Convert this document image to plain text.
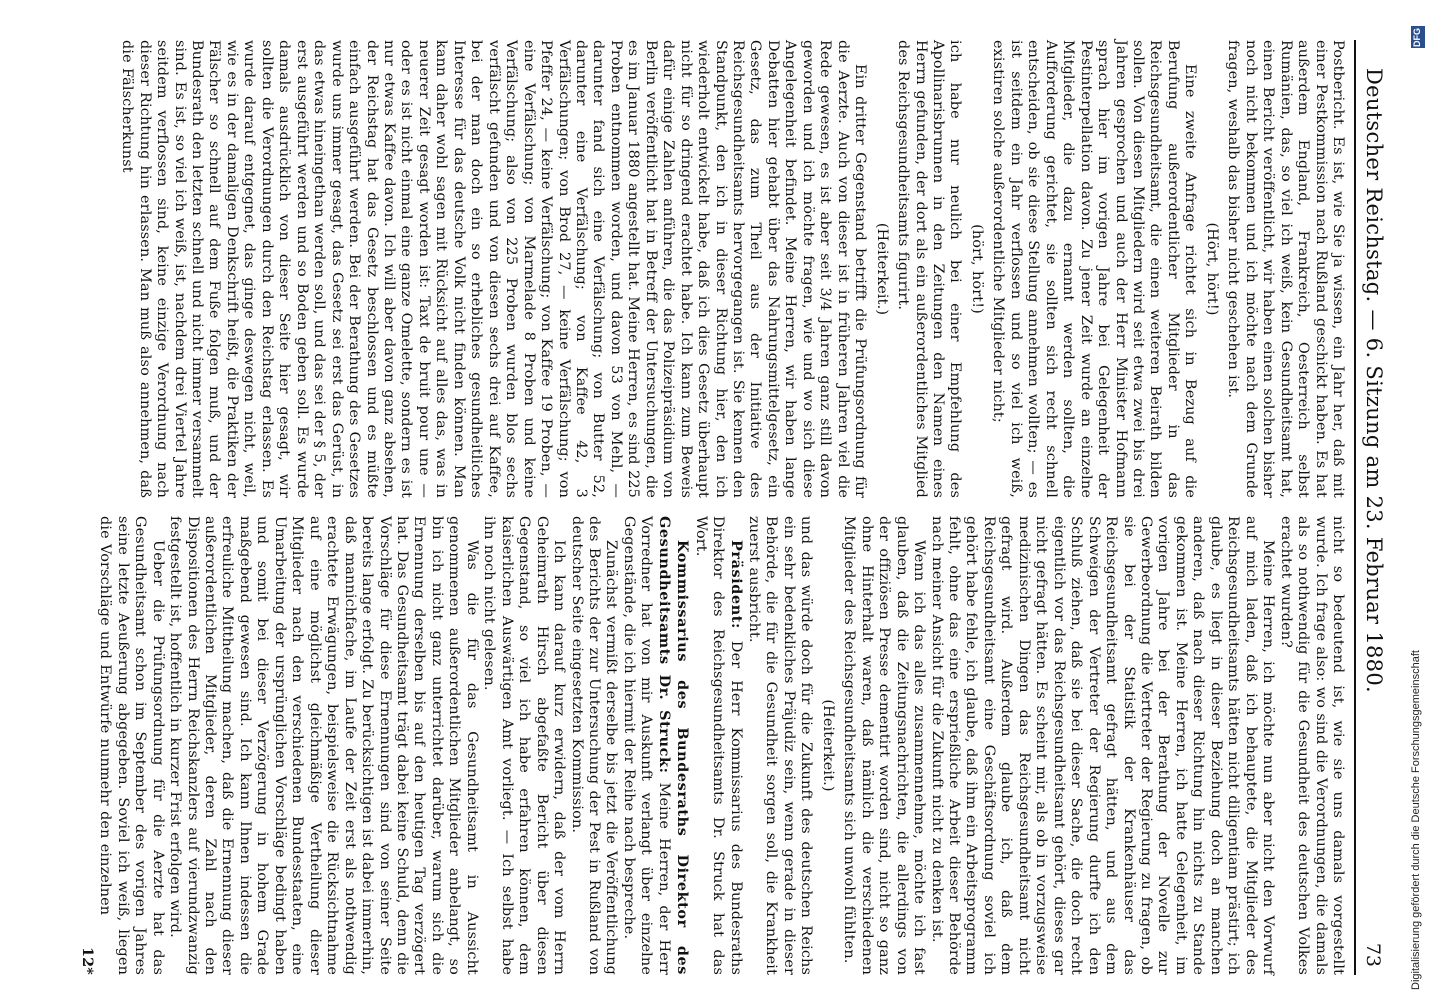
Deutscher Reichstag. — 6. Sitzung am 23. Februar 1880.
73

Postbericht. Es ist, wie Sie ja wissen, ein Jahr her, daß mit einer Pestkommission nach Rußland geschickt haben. Es hat außerdem England, Frankreich, Oesterreich selbst Rumänien, das, so viel ich weiß, kein Gesundheitsamt hat, einen Bericht veröffentlicht, wir haben einen solchen bisher noch nicht bekommen und ich möchte nach dem Grunde fragen, weshalb das bisher nicht geschehen ist.

(Hört, hört!)

Eine zweite Anfrage richtet sich in Bezug auf die Berufung außerordentlicher Mitglieder in das Reichsgesundheitsamt, die einen weiteren Beirath bilden sollen. Von diesen Mitgliedern wird seit etwa zwei bis drei Jahren gesprochen und auch der Herr Minister Hofmann sprach hier im vorigen Jahre bei Gelegenheit der Pestinterpellation davon. Zu jener Zeit wurde an einzelne Mitglieder, die dazu ernannt werden sollten, die Aufforderung gerichtet, sie sollten sich recht schnell entscheiden, ob sie diese Stellung annehmen wollten; — es ist seitdem ein Jahr verflossen und so viel ich weiß, existiren solche außerordentliche Mitglieder nicht;

(hört, hört!)

ich habe nur neulich bei einer Empfehlung des Apollinarisbrunnen in den Zeitungen den Namen eines Herrn gefunden, der dort als ein außerordentliches Mitglied des Reichsgesundheitsamts figurirt.

(Heiterkeit.)

Ein dritter Gegenstand betrifft die Prüfungsordnung für die Aerzte. Auch von dieser ist in früheren Jahren viel die Rede gewesen, es ist aber seit 3/4 Jahren ganz still davon geworden und ich möchte fragen, wie und wo sich diese Angelegenheit befindet. Meine Herren, wir haben lange Debatten hier gehabt über das Nahrungsmittelgesetz, ein Gesetz, das zum Theil aus der Initiative des Reichsgesundheitsamts hervorgegangen ist. Sie kennen den Standpunkt, den ich in dieser Richtung hier, den ich wiederholt entwickelt habe, daß ich dies Gesetz überhaupt nicht für so dringend erachtet habe. Ich kann zum Beweis dafür einige Zahlen anführen, die das Polizeipräsidium von Berlin veröffentlicht hat in Betreff der Untersuchungen, die es im Januar 1880 angestellt hat. Meine Herren, es sind 225 Proben entnommen worden, und davon 53 von Mehl, — darunter fand sich eine Verfälschung; von Butter 52, darunter eine Verfälschung; von Kaffee 42, 3 Verfälschungen; von Brod 27, — keine Verfälschung; von Pfeffer 24, — keine Verfälschung; von Kaffee 19 Proben, — eine Verfälschung; von Marmelade 8 Proben und keine Verfälschung; also von 225 Proben wurden blos sechs verfälscht gefunden und von diesen sechs drei auf Kaffee, bei der man doch ein so erhebliches gesundheitliches Interesse für das deutsche Volk nicht finden können. Man kann daher wohl sagen mit Rücksicht auf alles das, was in neuerer Zeit gesagt worden ist: Taxt de bruit pour une — oder es ist nicht einmal eine ganze Omelette, sondern es ist nur etwas Kaffee davon. Ich will aber davon ganz absehen, der Reichstag hat das Gesetz beschlossen und es müßte einfach ausgeführt werden. Bei der Berathung des Gesetzes wurde uns immer gesagt, das Gesetz sei erst das Gerüst, in das etwas hineingethan werden soll, und das sei der § 5, der erst ausgeführt werden und so Boden geben soll. Es wurde damals ausdrücklich von dieser Seite hier gesagt, wir sollten die Verordnungen durch den Reichstag erlassen. Es wurde darauf entgegnet, das ginge deswegen nicht, weil, wie es in der damaligen Denkschrift heißt, die Praktiken der Fälscher so schnell auf dem Fuße folgen muß, und der Bundesrath den letzten schnell und nicht immer versammelt sind. Es ist, so viel ich weiß, ist, nachdem drei Viertel Jahre seitdem verflossen sind, keine einzige Verordnung nach dieser Richtung hin erlassen. Man muß also annehmen, daß die Fälscherkunst

nicht so bedeutend ist, wie sie uns damals vorgestellt wurde. Ich frage also: wo sind die Verordnungen, die damals als so nothwendig für die Gesundheit des deutschen Volkes erachtet wurden?

Meine Herren, ich möchte nun aber nicht den Vorwurf auf mich laden, daß ich behauptete, die Mitglieder des Reichsgesundheitsamts hätten nicht diligentiam prästirt; ich glaube, es liegt in dieser Beziehung doch an manchen anderen, daß nach dieser Richtung hin nichts zu Stande gekommen ist. Meine Herren, ich hatte Gelegenheit, im vorigen Jahre bei der Berathung der Novelle zur Gewerbeordnung die Vertreter der Regierung zu fragen, ob sie bei der Statistik der Krankenhäuser das Reichsgesundheitsamt gefragt hätten, und aus dem Schweigen der Vertreter der Regierung durfte ich den Schluß ziehen, daß sie bei dieser Sache, die doch recht eigentlich vor das Reichsgesundheitsamt gehört, dieses gar nicht gefragt hätten. Es scheint mir, als ob in vorzugsweise medizinischen Dingen das Reichsgesundheitsamt nicht gefragt wird. Außerdem glaube ich, daß dem Reichsgesundheitsamt eine Geschäftsordnung soviel ich gehört habe fehle, ich glaube, daß ihm ein Arbeitsprogramm fehlt, ohne das eine ersprießliche Arbeit dieser Behörde nach meiner Ansicht für die Zukunft nicht zu denken ist.

Wenn ich das alles zusammennehme, möchte ich fast glauben, daß die Zeitungsnachrichten, die allerdings von der offiziösen Presse dementirt worden sind, nicht so ganz ohne Hinterhalt waren, daß nämlich die verschiedenen Mitglieder des Reichsgesundheitsamts sich unwohl fühlten.

(Heiterkeit.)

und das würde doch für die Zukunft des deutschen Reichs ein sehr bedenkliches Präjudiz sein, wenn gerade in dieser Behörde, die für die Gesundheit sorgen soll, die Krankheit zuerst ausbricht.

Präsident: Der Herr Kommissarius des Bundesraths Direktor des Reichsgesundheitsamts Dr. Struck hat das Wort.

Kommissarius des Bundesraths Direktor des Gesundheitsamts Dr. Struck: Meine Herren, der Herr Vorredner hat von mir Auskunft verlangt über einzelne Gegenstände, die ich hiermit der Reihe nach bespreche.

Zunächst vermißt derselbe bis jetzt die Veröffentlichung des Berichts der zur Untersuchung der Pest in Rußland von deutscher Seite eingesetzten Kommission.

Ich kann darauf kurz erwidern, daß der vom Herrn Geheimrath Hirsch abgefaßte Bericht über diesen Gegenstand, so viel ich habe erfahren können, dem kaiserlichen Auswärtigen Amt vorliegt. — Ich selbst habe ihn noch nicht gelesen.

Was die für das Gesundheitsamt in Aussicht genommenen außerordentlichen Mitglieder anbelangt, so bin ich nicht ganz unterrichtet darüber, warum sich die Ernennung derselben bis auf den heutigen Tag verzögert hat. Das Gesundheitsamt trägt dabei keine Schuld, denn die Vorschläge für diese Ernennungen sind von seiner Seite bereits lange erfolgt. Zu berücksichtigen ist dabei immerhin, daß mannichfache, im Laufe der Zeit erst als nothwendig erachtete Erwägungen, beispielsweise die Rücksichtnahme auf eine möglichst gleichmäßige Vertheilung dieser Mitglieder nach den verschiedenen Bundesstaaten, eine Umarbeitung der ursprünglichen Vorschläge bedingt haben und somit bei dieser Verzögerung in hohem Grade maßgebend gewesen sind. Ich kann Ihnen indessen die erfreuliche Mittheilung machen, daß die Ernennung dieser außerordentlichen Mitglieder, deren Zahl nach den Dispositionen des Herrn Reichskanzlers auf vierundzwanzig festgestellt ist, hoffentlich in kurzer Frist erfolgen wird.

Ueber die Prüfungsordnung für die Aerzte hat das Gesundheitsamt schon im September des vorigen Jahres seine letzte Aeußerung abgegeben. Soviel ich weiß, liegen die Vorschläge und Entwürfe nunmehr den einzelnen

12*

DFG
Digitalisierung gefördert durch die Deutsche Forschungsgemeinschaft
